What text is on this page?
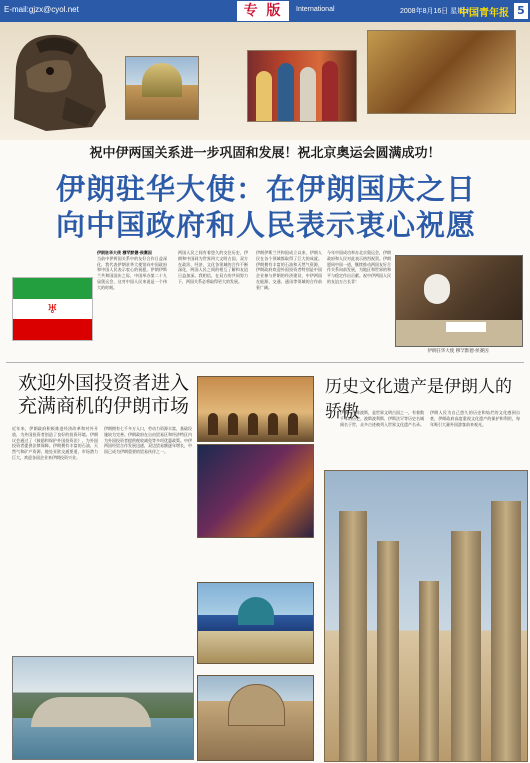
E-mail:gjzx@cyol.net	专 版	International	2008年8月16日 星期六
中国青年报 5
祝中伊两国关系进一步巩固和发展！祝北京奥运会圆满成功！
伊朗驻华大使：在伊朗国庆之日
向中国政府和人民表示衷心祝愿
♅
伊朗驻华大使 穆罕默德·侯赛因
当前中伊两国关系中的友好合作日益深化，我代表伊朗驻华大使馆向中国政府和中国人民表示衷心的祝愿。伊朗伊斯兰共和国国庆之际，中国举办第二十九届奥运会，这对中国人民来说是一个伟大的时刻。
两国人民之间有着悠久的交往历史，伊朗和中国同为世界四大文明古国，双方在政治、经济、文化各领域的合作不断深化，两国人民之间的相互了解和友谊日益加深。我相信，在双方的共同努力下，两国关系必将取得更大的发展。
伊朗伊斯兰共和国成立以来，伊朗人民在各个领域都取得了巨大的成就。伊朗拥有丰富的石油和天然气资源，伊朗政府欢迎外国投资者特别是中国企业参与伊朗的经济建设，中伊两国在能源、交通、通讯等领域的合作前景广阔。
今年中国成功举办北京奥运会，伊朗政府和人民对此表示热烈祝贺。伊朗愿同中国一道，继续推动两国友好合作关系向前发展，为地区和世界的和平与稳定作出贡献。祝中伊两国人民的友谊万古长青！
伊朗驻华大使 穆罕默德·侯赛因
欢迎外国投资者进入
充满商机的伊朗市场
近年来，伊朗政府积极推进经济改革和对外开放，为外国投资者创造了良好的投资环境。伊朗议会通过了《鼓励和保护外国投资法》，为外国投资者提供法律保障。伊朗拥有丰富的石油、天然气和矿产资源，地处亚欧交通要道，市场潜力巨大，欢迎各国企业来伊朗投资兴业。
伊朗拥有七千多万人口，劳动力资源丰富，基础设施较为完善。伊朗政府在自由贸易区和经济特区内为外国投资者提供税收减免等多项优惠政策。中伊两国经贸合作发展迅速，双边贸易额逐年增长，中国已成为伊朗重要的贸易伙伴之一。
历史文化遗产是伊朗人的骄傲
伊朗，古称波斯，是世界文明古国之一，有着数千年的历史。波斯波利斯、伊斯法罕等历史名城闻名于世，众多古迹被列入世界文化遗产名录。
伊朗人民为自己悠久的历史和灿烂的文化感到自豪，伊朗政府高度重视文化遗产的保护和利用，每年吸引大量外国游客前来观光。
